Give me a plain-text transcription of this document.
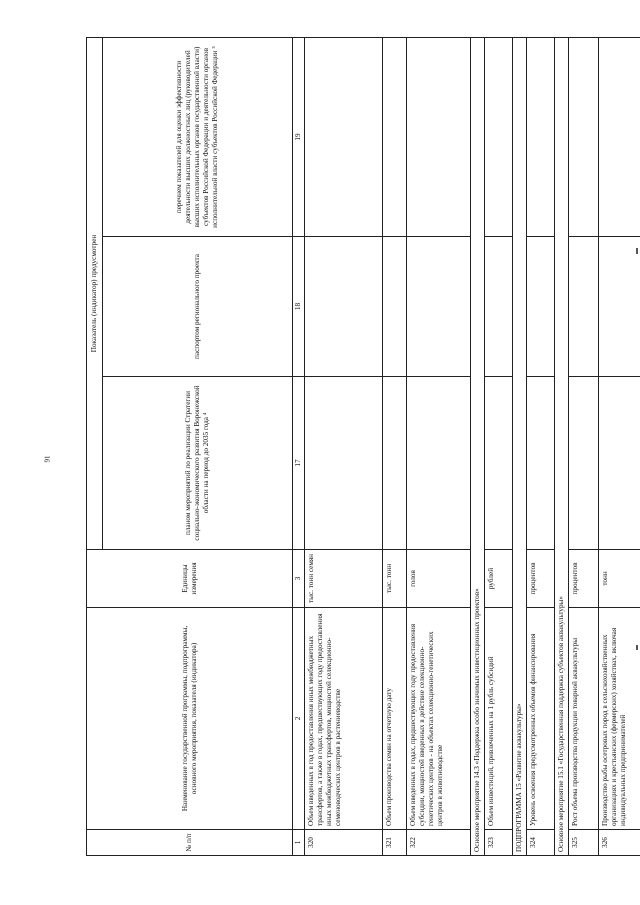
91
№ п/п	Наименование государственной программы, подпрограммы, основного мероприятия, показателя (индикатора)	Единицы измерения	Показатель (индикатор) предусмотрен		
			планом мероприятий по реализации Стратегии социально-экономического развития Воронежской области на период до 2035 года ⁴	паспортом регионального проекта	перечнем показателей для оценки эффективности деятельности высших должностных лиц (руководителей высших исполнительных органов государственной власти) субъектов Российской Федерации и деятельности органов исполнительной власти субъектов Российской Федерации ⁵
1	2	3	17	18	19
320	Объем введенных в год предоставления иных межбюджетных трансфертов, а также в годах, предшествующих году предоставления иных межбюджетных трансфертов, мощностей селекционно-семеноводческих центров в растениеводстве	тыс. тонн семян			
321	Объем производства семян на отчетную дату	тыс. тонн			
322	Объем введенных в годах, предшествующих году предоставления субсидии, мощностей введенных в действие селекционно-генетических центров - на объектах селекционно-генетических центров в животноводстве	голов			
Основное мероприятие 14.3 «Поддержка особо значимых инвестиционных проектов»					
323	Объем инвестиций, привлеченных на 1 рубль субсидий	рублей			
ПОДПРОГРАММА 15 «Развитие аквакультуры»					
324	Уровень освоения предусмотренных объемов финансирования	процентов			
Основное мероприятие 15.1 «Государственная поддержка субъектов аквакультуры»					
325	Рост объема производства продукции товарной аквакультуры	процентов			
326	Производство рыбы осетровых пород в сельскохозяйственных организациях и крестьянских (фермерских) хозяйствах, включая индивидуальных предпринимателей	тонн			
